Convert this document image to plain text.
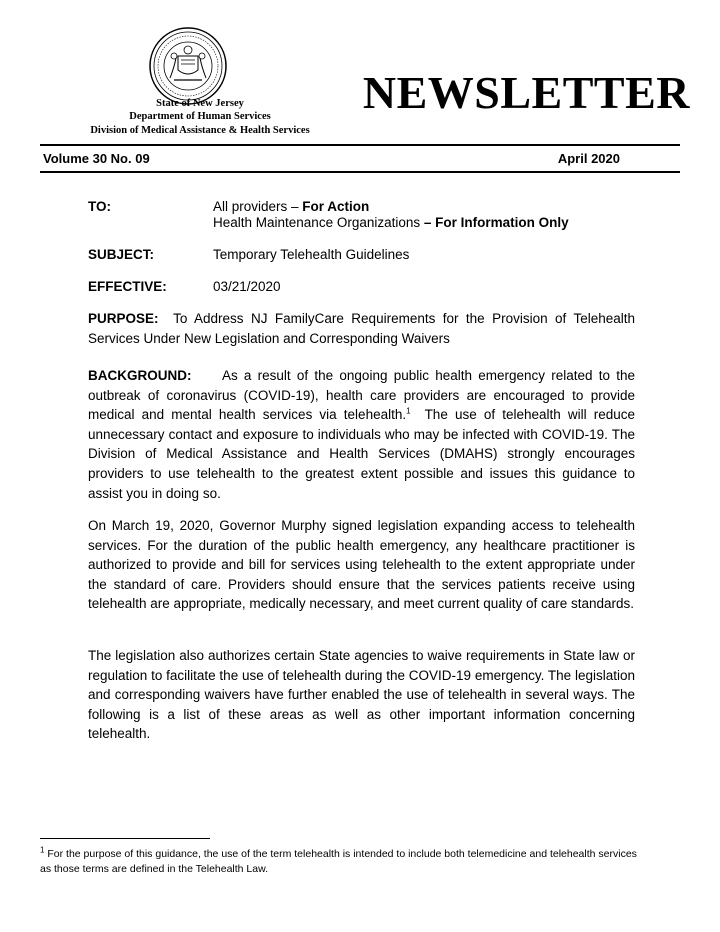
State of New Jersey
Department of Human Services
Division of Medical Assistance & Health Services
NEWSLETTER
Volume 30 No. 09	April 2020
TO:	All providers – For Action
Health Maintenance Organizations – For Information Only
SUBJECT:	Temporary Telehealth Guidelines
EFFECTIVE:	03/21/2020

PURPOSE: To Address NJ FamilyCare Requirements for the Provision of Telehealth Services Under New Legislation and Corresponding Waivers

BACKGROUND: As a result of the ongoing public health emergency related to the outbreak of coronavirus (COVID-19), health care providers are encouraged to provide medical and mental health services via telehealth.$^1$ The use of telehealth will reduce unnecessary contact and exposure to individuals who may be infected with COVID-19. The Division of Medical Assistance and Health Services (DMAHS) strongly encourages providers to use telehealth to the greatest extent possible and issues this guidance to assist you in doing so.

On March 19, 2020, Governor Murphy signed legislation expanding access to telehealth services. For the duration of the public health emergency, any healthcare practitioner is authorized to provide and bill for services using telehealth to the extent appropriate under the standard of care. Providers should ensure that the services patients receive using telehealth are appropriate, medically necessary, and meet current quality of care standards.

The legislation also authorizes certain State agencies to waive requirements in State law or regulation to facilitate the use of telehealth during the COVID-19 emergency. The legislation and corresponding waivers have further enabled the use of telehealth in several ways. The following is a list of these areas as well as other important information concerning telehealth.

$^1$ For the purpose of this guidance, the use of the term telehealth is intended to include both telemedicine and telehealth services as those terms are defined in the Telehealth Law.
